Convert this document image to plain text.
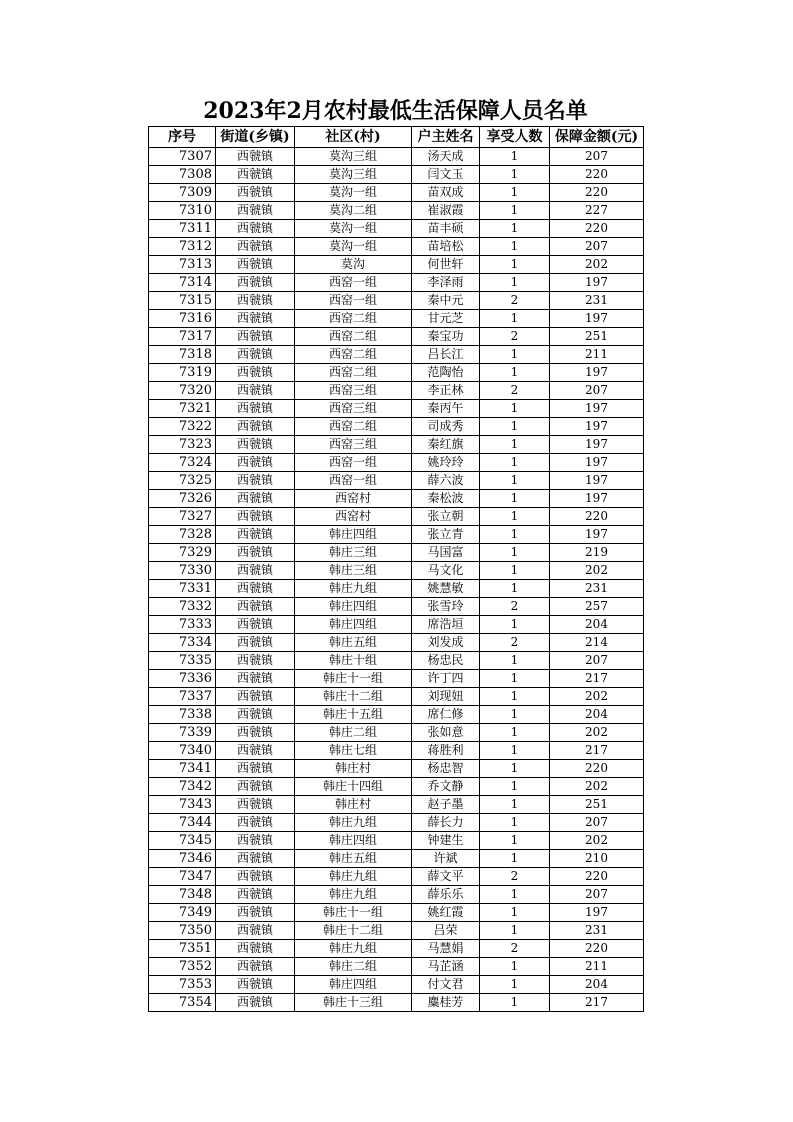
2023年2月农村最低生活保障人员名单
序号	街道(乡镇)	社区(村)	户主姓名	享受人数	保障金额(元)
7307	西虢镇	莫沟三组	汤天成	1	207
7308	西虢镇	莫沟三组	闫文玉	1	220
7309	西虢镇	莫沟一组	苗双成	1	220
7310	西虢镇	莫沟二组	崔淑霞	1	227
7311	西虢镇	莫沟一组	苗丰硕	1	220
7312	西虢镇	莫沟一组	苗培松	1	207
7313	西虢镇	莫沟	何世轩	1	202
7314	西虢镇	西窑一组	李泽雨	1	197
7315	西虢镇	西窑一组	秦中元	2	231
7316	西虢镇	西窑二组	甘元芝	1	197
7317	西虢镇	西窑二组	秦宝功	2	251
7318	西虢镇	西窑二组	吕长江	1	211
7319	西虢镇	西窑二组	范陶怡	1	197
7320	西虢镇	西窑三组	李正林	2	207
7321	西虢镇	西窑三组	秦丙午	1	197
7322	西虢镇	西窑二组	司成秀	1	197
7323	西虢镇	西窑三组	秦红旗	1	197
7324	西虢镇	西窑一组	姚玲玲	1	197
7325	西虢镇	西窑一组	薛六波	1	197
7326	西虢镇	西窑村	秦松波	1	197
7327	西虢镇	西窑村	张立朝	1	220
7328	西虢镇	韩庄四组	张立青	1	197
7329	西虢镇	韩庄三组	马国富	1	219
7330	西虢镇	韩庄三组	马文化	1	202
7331	西虢镇	韩庄九组	姚慧敏	1	231
7332	西虢镇	韩庄四组	张雪玲	2	257
7333	西虢镇	韩庄四组	席浩垣	1	204
7334	西虢镇	韩庄五组	刘发成	2	214
7335	西虢镇	韩庄十组	杨忠民	1	207
7336	西虢镇	韩庄十一组	许丁四	1	217
7337	西虢镇	韩庄十二组	刘现妞	1	202
7338	西虢镇	韩庄十五组	席仁修	1	204
7339	西虢镇	韩庄二组	张如意	1	202
7340	西虢镇	韩庄七组	蒋胜利	1	217
7341	西虢镇	韩庄村	杨忠智	1	220
7342	西虢镇	韩庄十四组	乔文静	1	202
7343	西虢镇	韩庄村	赵子墨	1	251
7344	西虢镇	韩庄九组	薛长力	1	207
7345	西虢镇	韩庄四组	钟建生	1	202
7346	西虢镇	韩庄五组	许斌	1	210
7347	西虢镇	韩庄九组	薛文平	2	220
7348	西虢镇	韩庄九组	薛乐乐	1	207
7349	西虢镇	韩庄十一组	姚红霞	1	197
7350	西虢镇	韩庄十二组	吕荣	1	231
7351	西虢镇	韩庄九组	马慧娟	2	220
7352	西虢镇	韩庄二组	马芷涵	1	211
7353	西虢镇	韩庄四组	付文君	1	204
7354	西虢镇	韩庄十三组	麋桂芳	1	217
